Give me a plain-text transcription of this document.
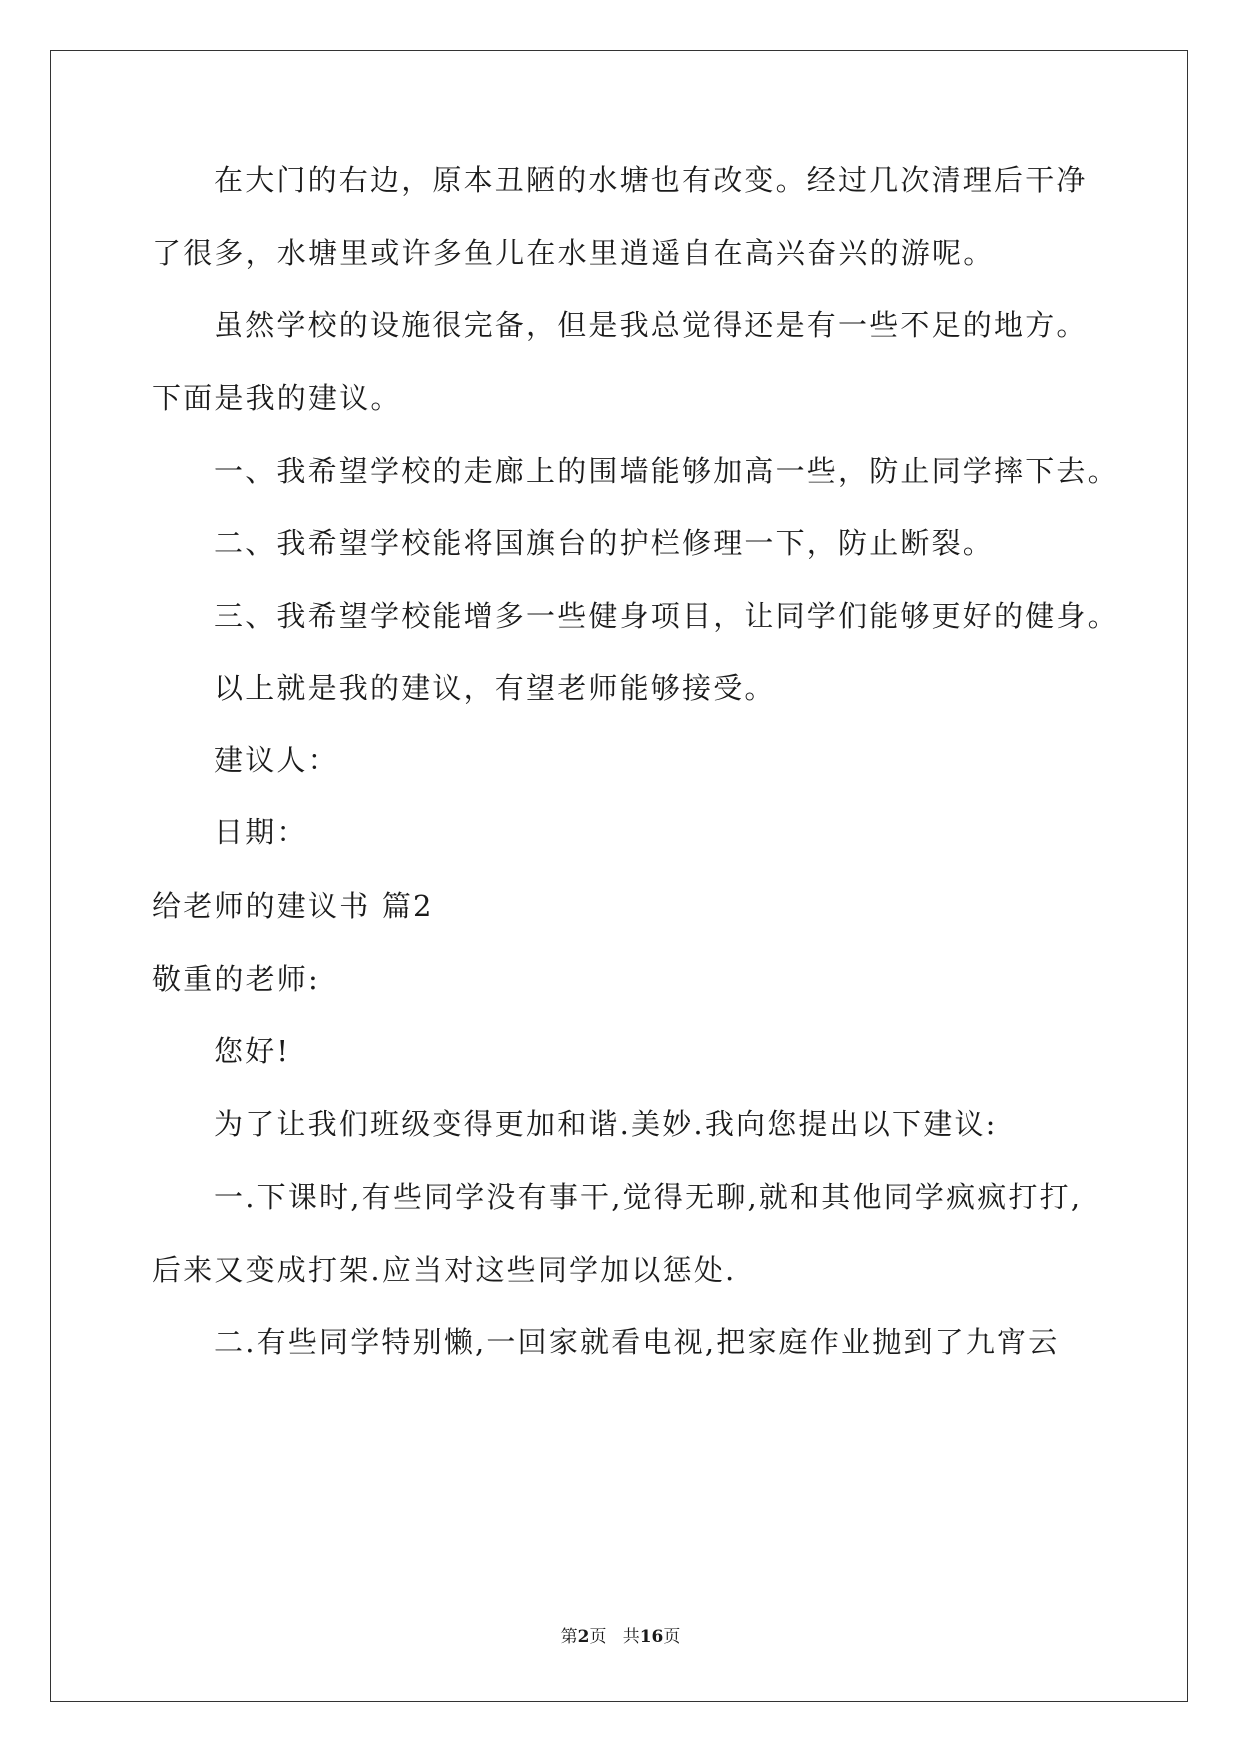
在大门的右边，原本丑陋的水塘也有改变。经过几次清理后干净
了很多，水塘里或许多鱼儿在水里逍遥自在高兴奋兴的游呢。
虽然学校的设施很完备，但是我总觉得还是有一些不足的地方。
下面是我的建议。
一、我希望学校的走廊上的围墙能够加高一些，防止同学摔下去。
二、我希望学校能将国旗台的护栏修理一下，防止断裂。
三、我希望学校能增多一些健身项目，让同学们能够更好的健身。
以上就是我的建议，有望老师能够接受。
建议人：
日期：
给老师的建议书 篇2
敬重的老师:
您好!
为了让我们班级变得更加和谐.美妙.我向您提出以下建议:
一.下课时,有些同学没有事干,觉得无聊,就和其他同学疯疯打打,
后来又变成打架.应当对这些同学加以惩处.
二.有些同学特别懒,一回家就看电视,把家庭作业抛到了九宵云
第2页 共16页
